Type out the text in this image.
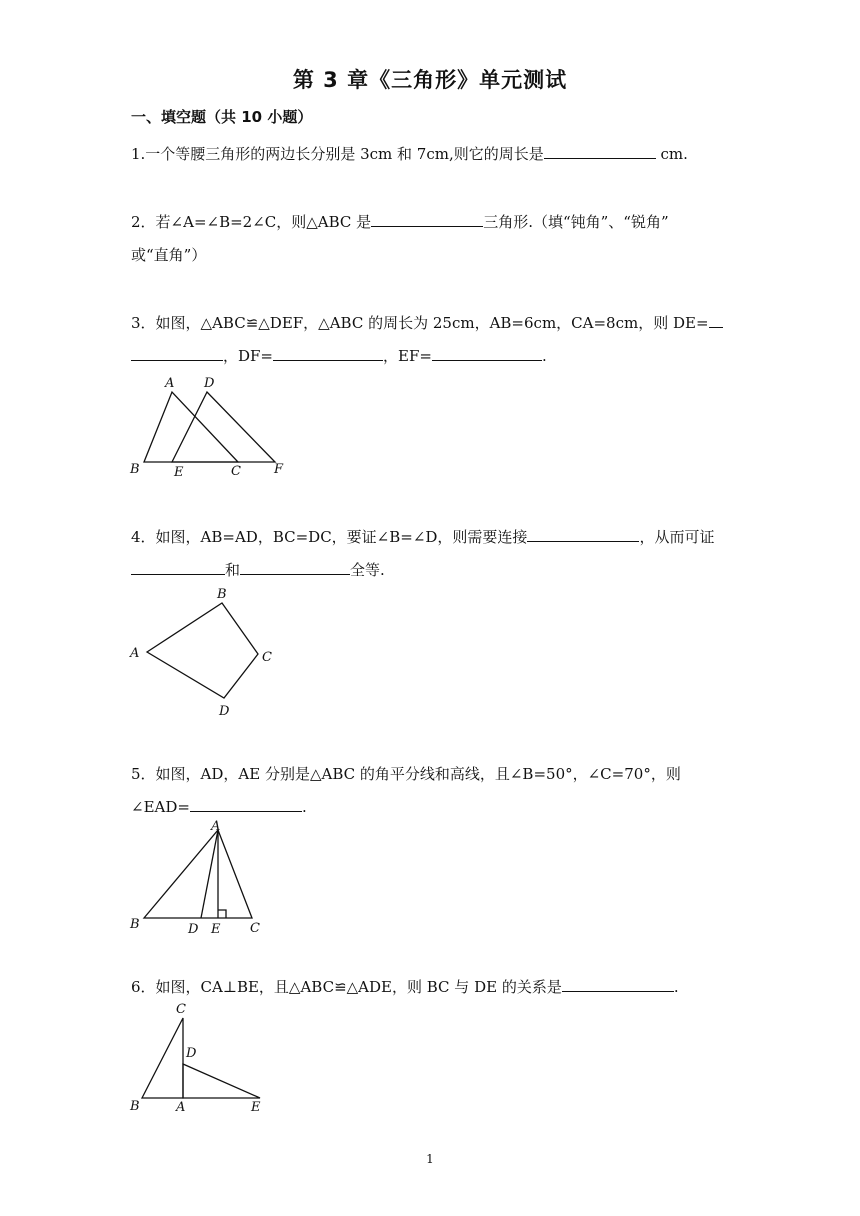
第 3 章《三角形》单元测试
一、填空题（共 10 小题）
1.一个等腰三角形的两边长分别是 3cm 和 7cm,则它的周长是	cm.
2．若∠A=∠B=2∠C，则△ABC 是	三角形.（填“钝角”、“锐角”
或“直角”）
3．如图，△ABC≌△DEF，△ABC 的周长为 25cm，AB=6cm，CA=8cm，则 DE=
，DF=	，EF=	.
A D
B	E	C	F
4．如图，AB=AD，BC=DC，要证∠B=∠D，则需要连接	，从而可证
和	全等.
B
A	C
D
5．如图，AD，AE 分别是△ABC 的角平分线和高线，且∠B=50°，∠C=70°，则
∠EAD=	.
A
B	D E C
6．如图，CA⊥BE，且△ABC≌△ADE，则 BC 与 DE 的关系是	.
C
D
B	A	E
1
